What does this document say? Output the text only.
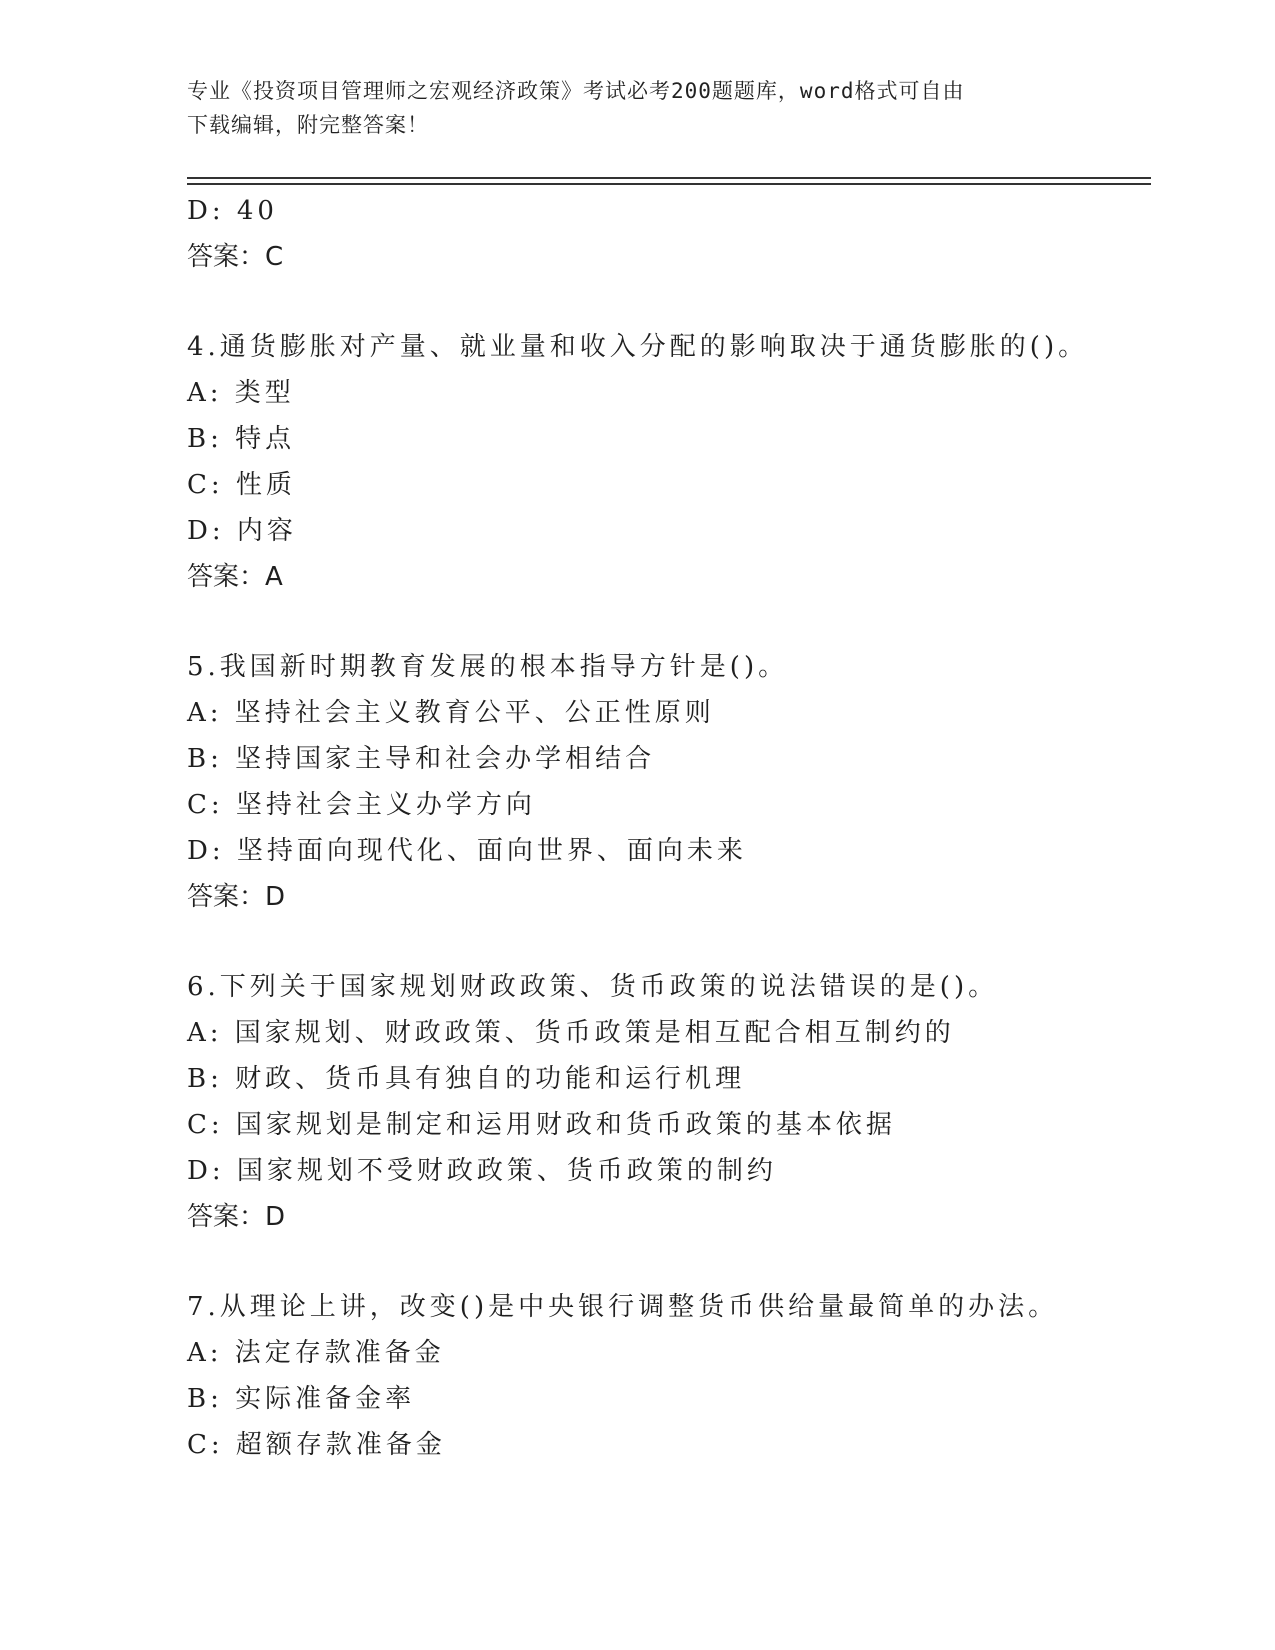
专业《投资项目管理师之宏观经济政策》考试必考200题题库，word格式可自由
下载编辑，附完整答案！
D: 40
答案：C
4.通货膨胀对产量、就业量和收入分配的影响取决于通货膨胀的()。
A: 类型
B: 特点
C: 性质
D: 内容
答案：A
5.我国新时期教育发展的根本指导方针是()。
A: 坚持社会主义教育公平、公正性原则
B: 坚持国家主导和社会办学相结合
C: 坚持社会主义办学方向
D: 坚持面向现代化、面向世界、面向未来
答案：D
6.下列关于国家规划财政政策、货币政策的说法错误的是()。
A: 国家规划、财政政策、货币政策是相互配合相互制约的
B: 财政、货币具有独自的功能和运行机理
C: 国家规划是制定和运用财政和货币政策的基本依据
D: 国家规划不受财政政策、货币政策的制约
答案：D
7.从理论上讲，改变()是中央银行调整货币供给量最简单的办法。
A: 法定存款准备金
B: 实际准备金率
C: 超额存款准备金
